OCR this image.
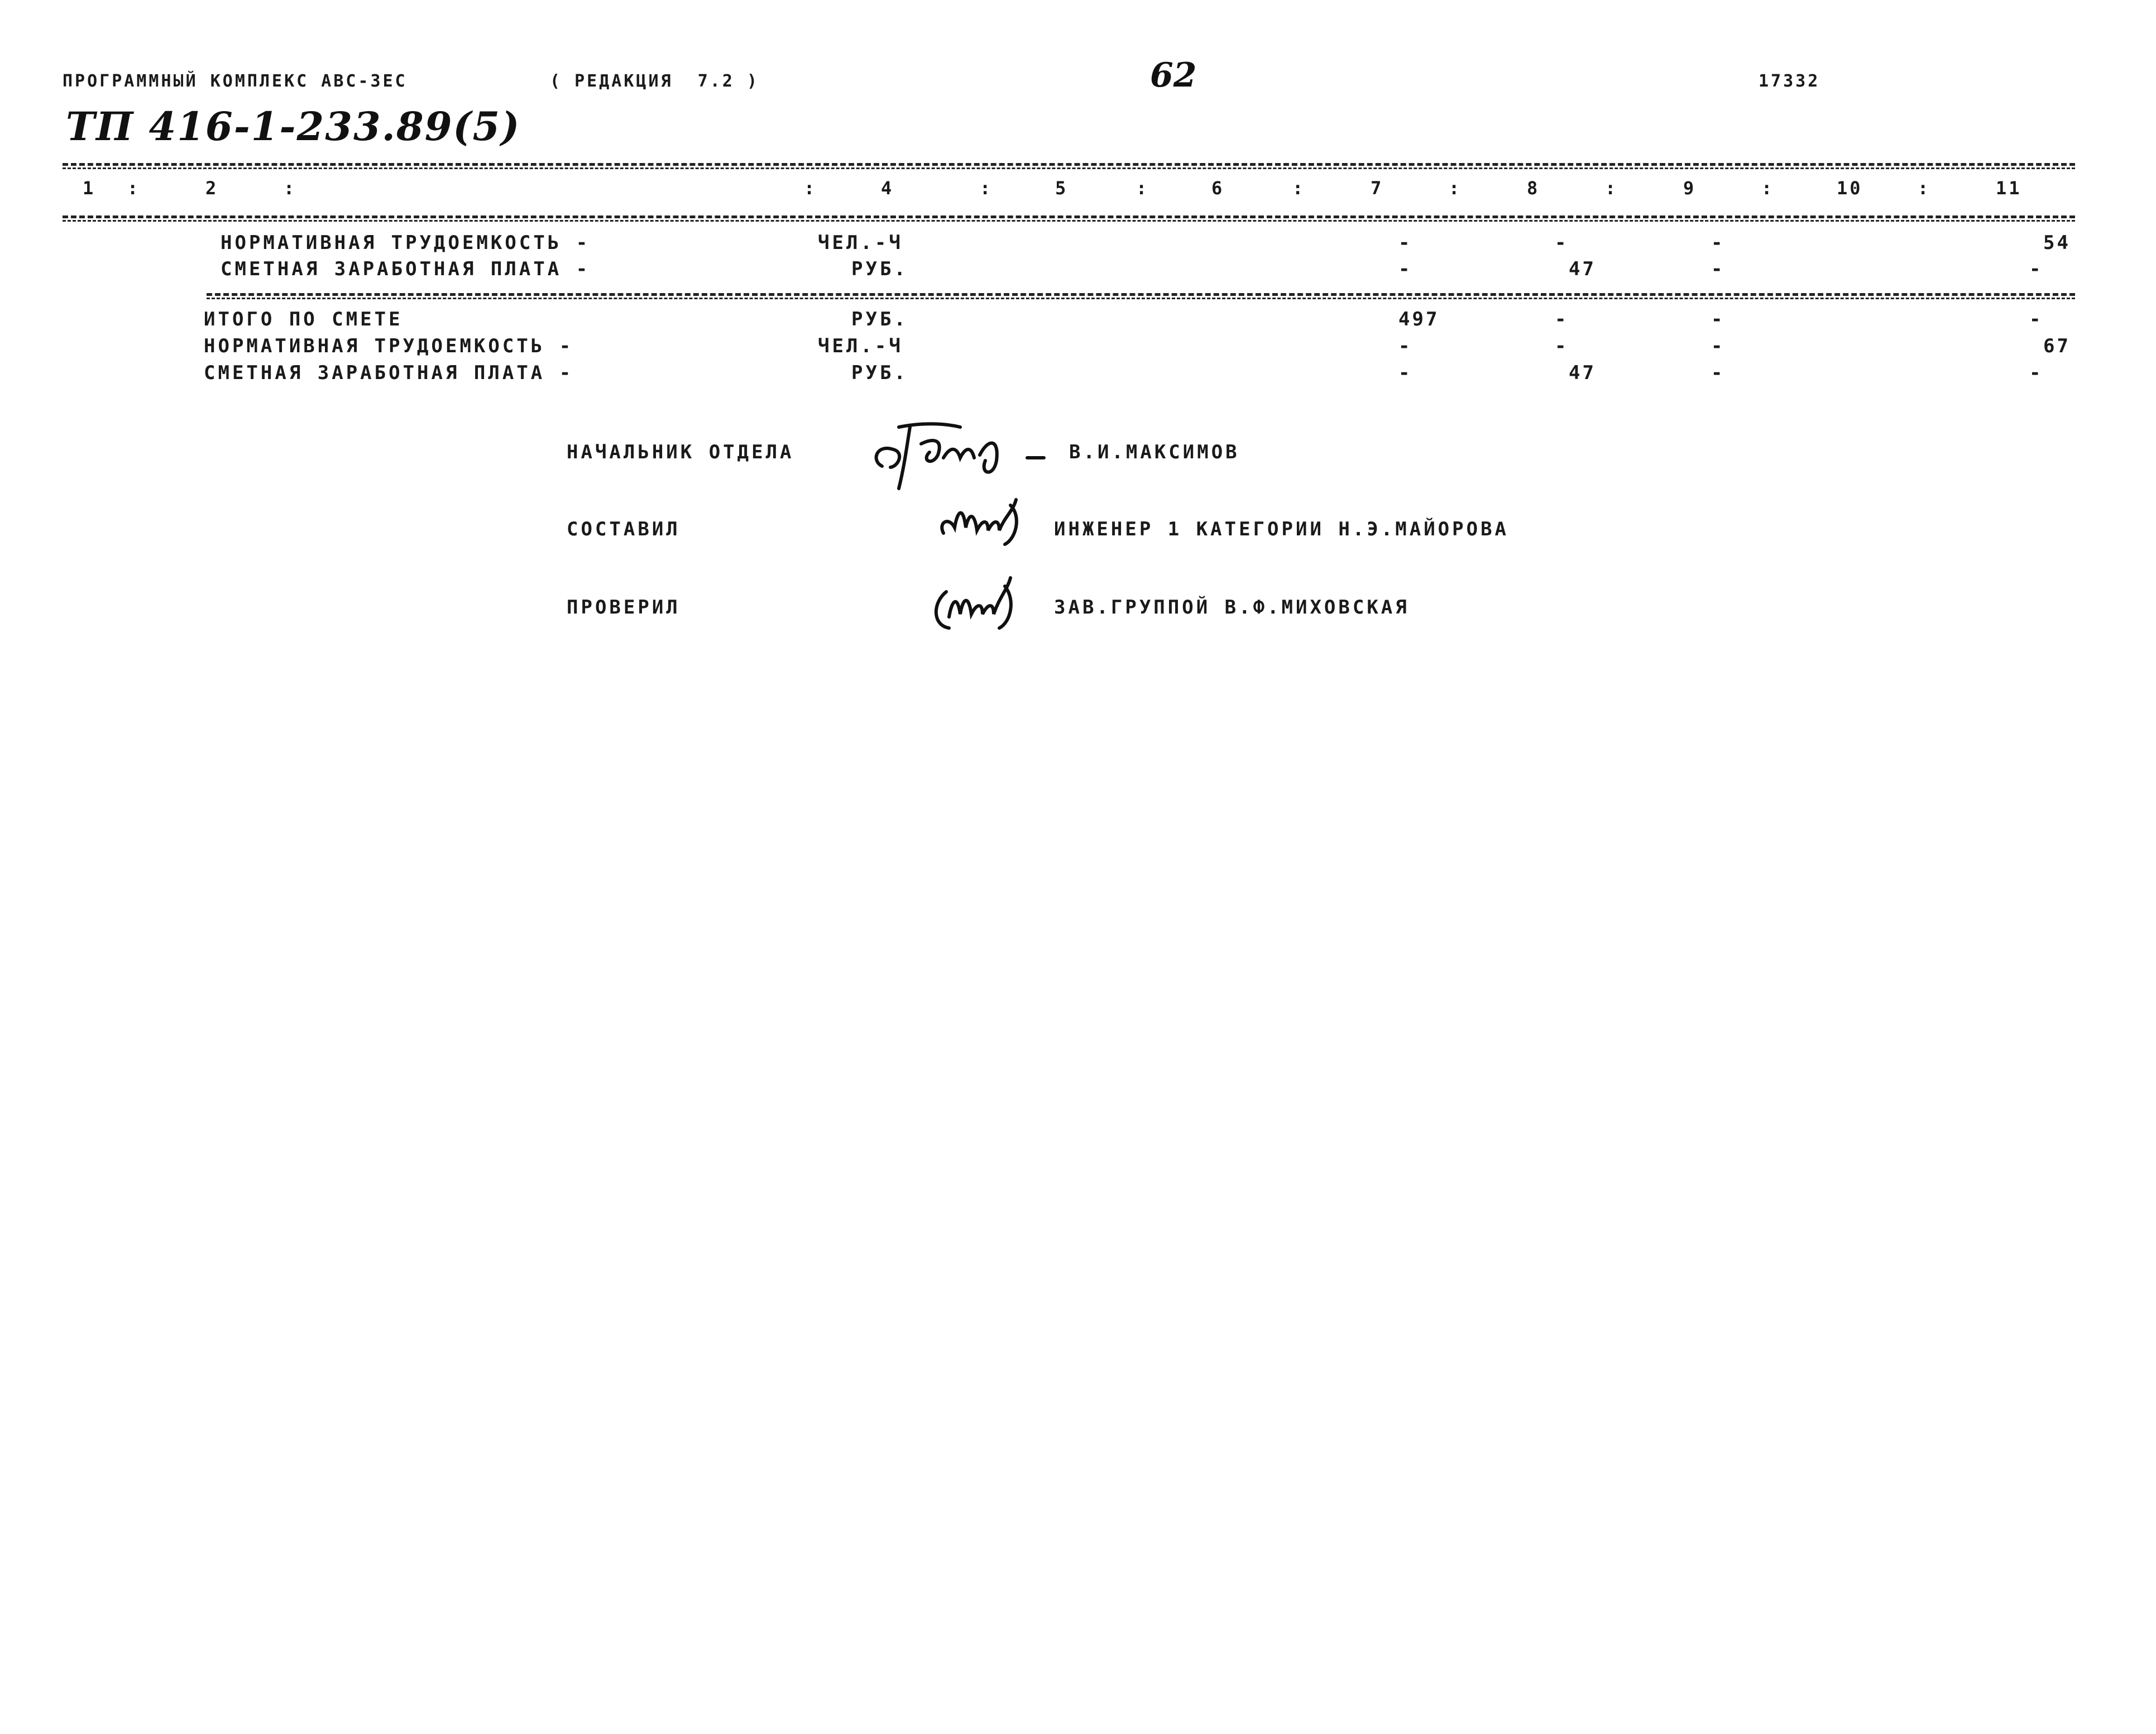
ПРОГРАММНЫЙ КОМПЛЕКС АВС-ЗЕС	( РЕДАКЦИЯ  7.2 )	62	17332
ТП 416-1-233.89(5)
1 :	2	:	:	4	:	5	:	6	:	7	:	8	:	9	:	10	:	11
НОРМАТИВНАЯ ТРУДОЕМКОСТЬ -	ЧЕЛ.-Ч	-	-	-	54
СМЕТНАЯ ЗАРАБОТНАЯ ПЛАТА -	РУБ.	-	47	-	-
ИТОГО ПО СМЕТЕ	РУБ.	497	-	-	-
НОРМАТИВНАЯ ТРУДОЕМКОСТЬ -	ЧЕЛ.-Ч	-	-	-	67
СМЕТНАЯ ЗАРАБОТНАЯ ПЛАТА -	РУБ.	-	47	-	-
НАЧАЛЬНИК ОТДЕЛА	В.И.МАКСИМОВ
СОСТАВИЛ	ИНЖЕНЕР 1 КАТЕГОРИИ Н.Э.МАЙОРОВА
ПРОВЕРИЛ	ЗАВ.ГРУППОЙ В.Ф.МИХОВСКАЯ
